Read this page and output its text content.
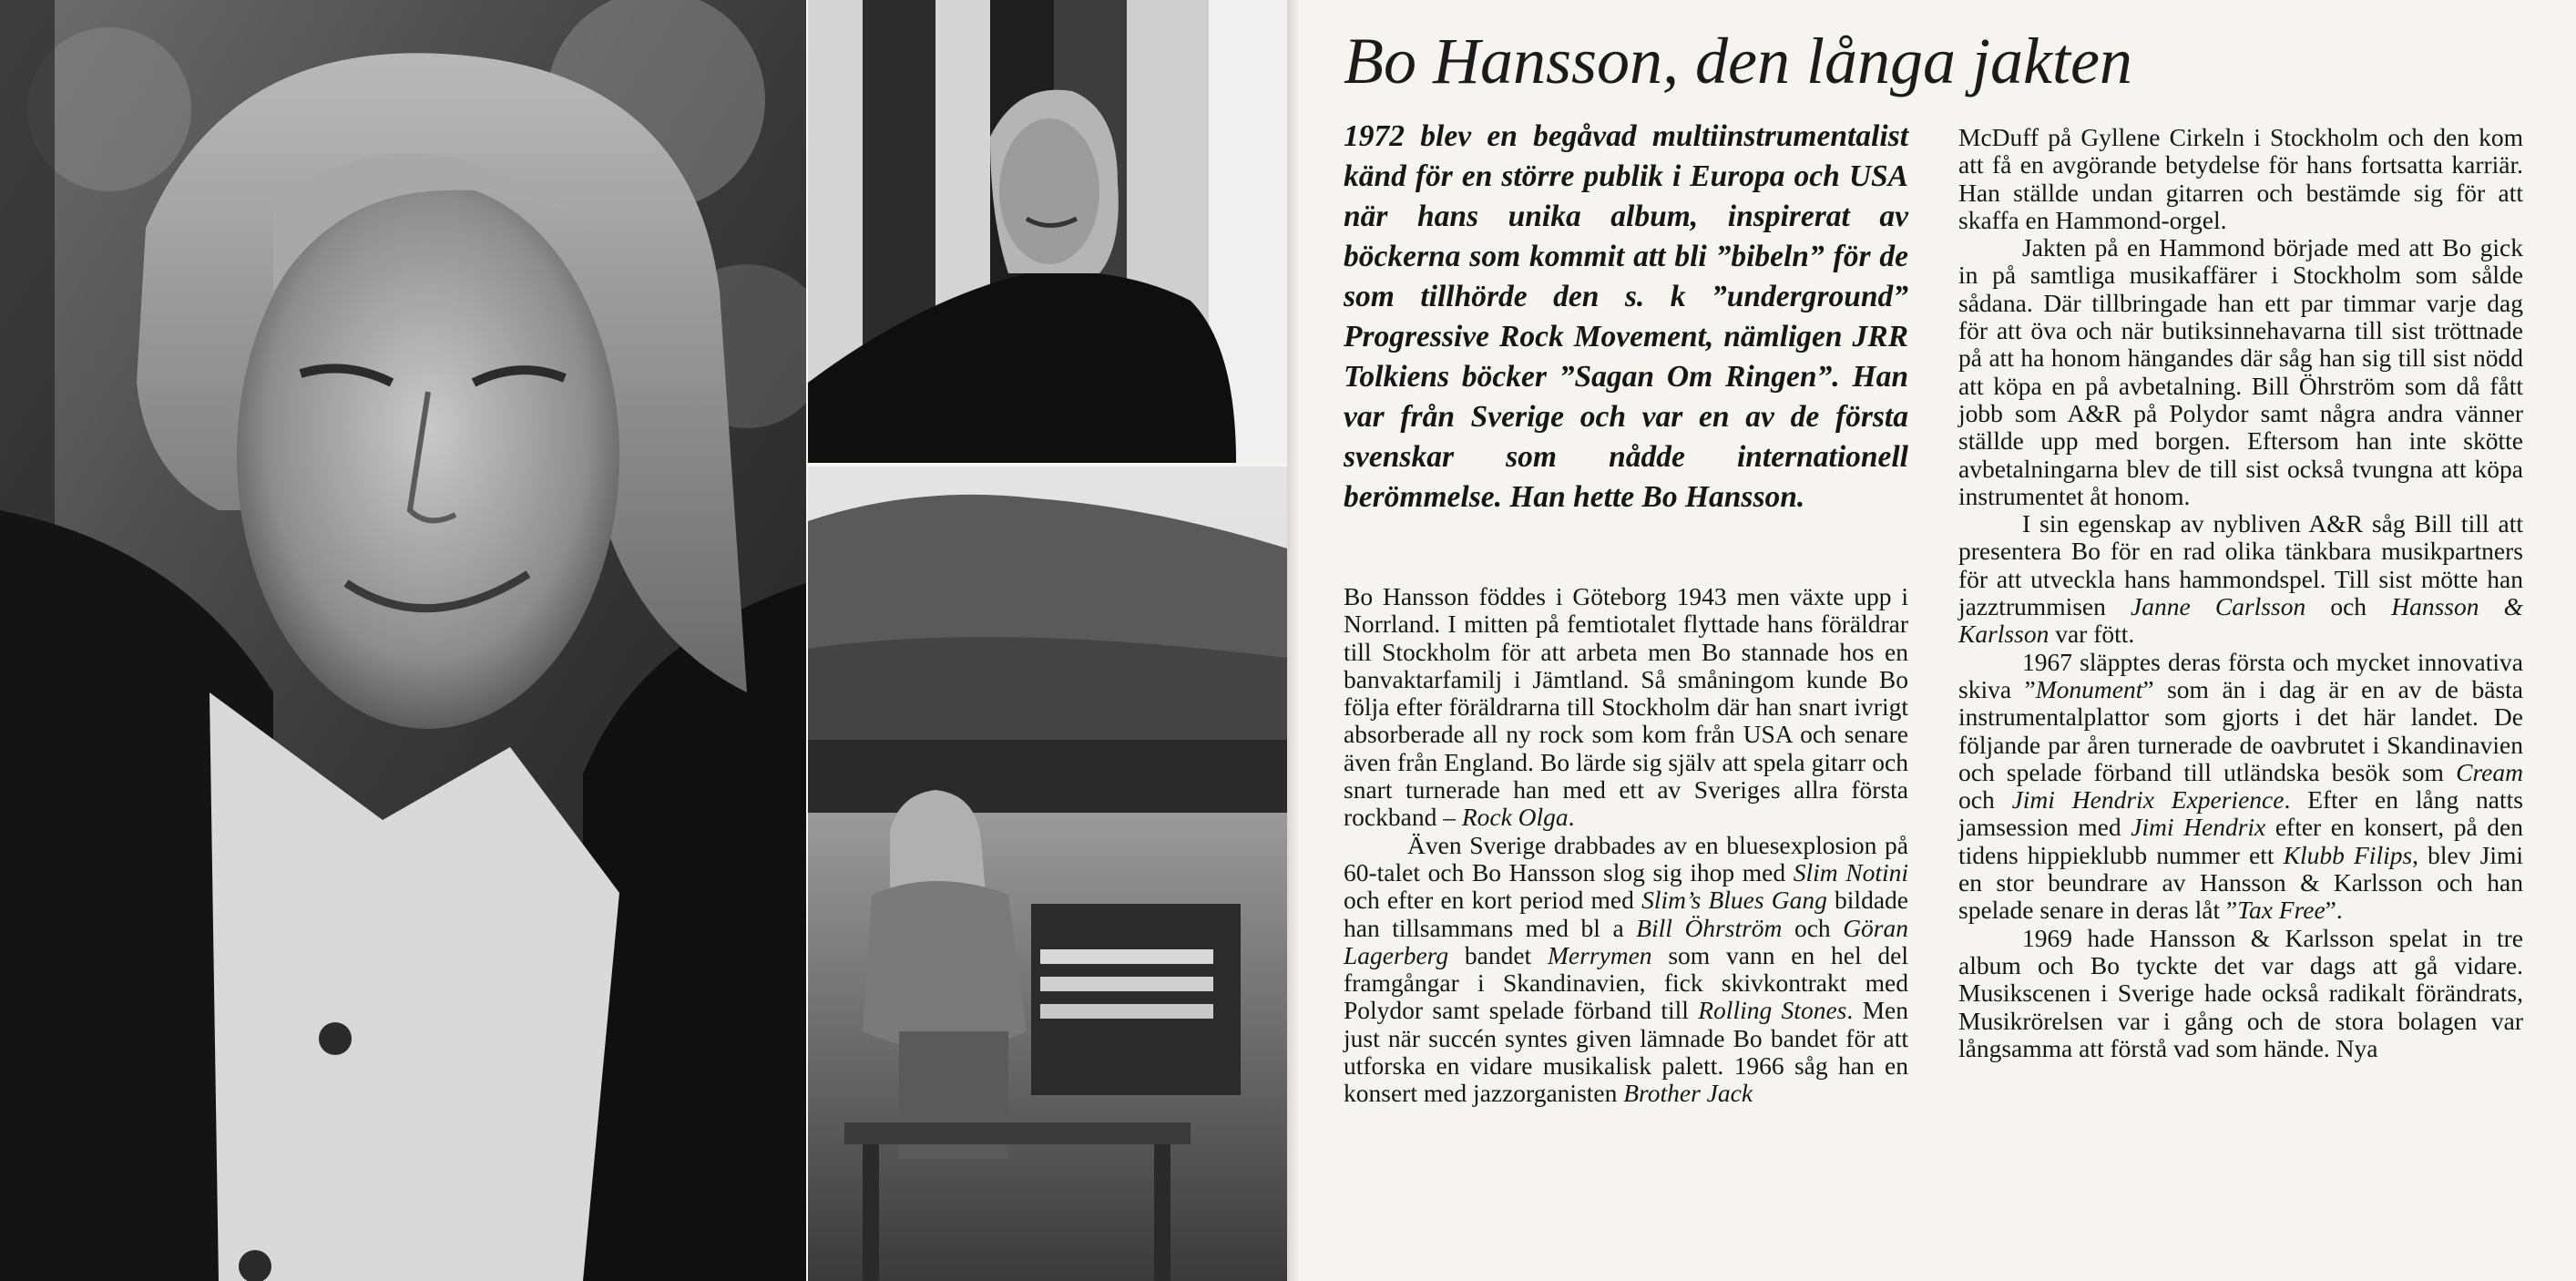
Bo Hansson, den långa jakten

1972 blev en begåvad multiinstrumentalist känd för en större publik i Europa och USA när hans unika album, inspirerat av böckerna som kommit att bli ”bibeln” för de som tillhörde den s. k ”underground” Progressive Rock Movement, nämligen JRR Tolkiens böcker ”Sagan Om Ringen”. Han var från Sverige och var en av de första svenskar som nådde internationell berömmelse. Han hette Bo Hansson.

Bo Hansson föddes i Göteborg 1943 men växte upp i Norrland. I mitten på femtiotalet flyttade hans föräldrar till Stockholm för att arbeta men Bo stannade hos en banvaktarfamilj i Jämtland. Så småningom kunde Bo följa efter föräldrarna till Stockholm där han snart ivrigt absorberade all ny rock som kom från USA och senare även från England. Bo lärde sig själv att spela gitarr och snart turnerade han med ett av Sveriges allra första rockband – Rock Olga.

Även Sverige drabbades av en bluesexplosion på 60-talet och Bo Hansson slog sig ihop med Slim Notini och efter en kort period med Slim’s Blues Gang bildade han tillsammans med bl a Bill Öhrström och Göran Lagerberg bandet Merrymen som vann en hel del framgångar i Skandinavien, fick skivkontrakt med Polydor samt spelade förband till Rolling Stones. Men just när succén syntes given lämnade Bo bandet för att utforska en vidare musikalisk palett. 1966 såg han en konsert med jazzorganisten Brother Jack

McDuff på Gyllene Cirkeln i Stockholm och den kom att få en avgörande betydelse för hans fortsatta karriär. Han ställde undan gitarren och bestämde sig för att skaffa en Hammond-orgel.

Jakten på en Hammond började med att Bo gick in på samtliga musikaffärer i Stockholm som sålde sådana. Där tillbringade han ett par timmar varje dag för att öva och när butiksinnehavarna till sist tröttnade på att ha honom hängandes där såg han sig till sist nödd att köpa en på avbetalning. Bill Öhrström som då fått jobb som A&R på Polydor samt några andra vänner ställde upp med borgen. Eftersom han inte skötte avbetalningarna blev de till sist också tvungna att köpa instrumentet åt honom.

I sin egenskap av nybliven A&R såg Bill till att presentera Bo för en rad olika tänkbara musikpartners för att utveckla hans hammondspel. Till sist mötte han jazztrummisen Janne Carlsson och Hansson & Karlsson var fött.

1967 släpptes deras första och mycket innovativa skiva ”Monument” som än i dag är en av de bästa instrumentalplattor som gjorts i det här landet. De följande par åren turnerade de oavbrutet i Skandinavien och spelade förband till utländska besök som Cream och Jimi Hendrix Experience. Efter en lång natts jamsession med Jimi Hendrix efter en konsert, på den tidens hippieklubb nummer ett Klubb Filips, blev Jimi en stor beundrare av Hansson & Karlsson och han spelade senare in deras låt ”Tax Free”.

1969 hade Hansson & Karlsson spelat in tre album och Bo tyckte det var dags att gå vidare. Musikscenen i Sverige hade också radikalt förändrats, Musikrörelsen var i gång och de stora bolagen var långsamma att förstå vad som hände. Nya
